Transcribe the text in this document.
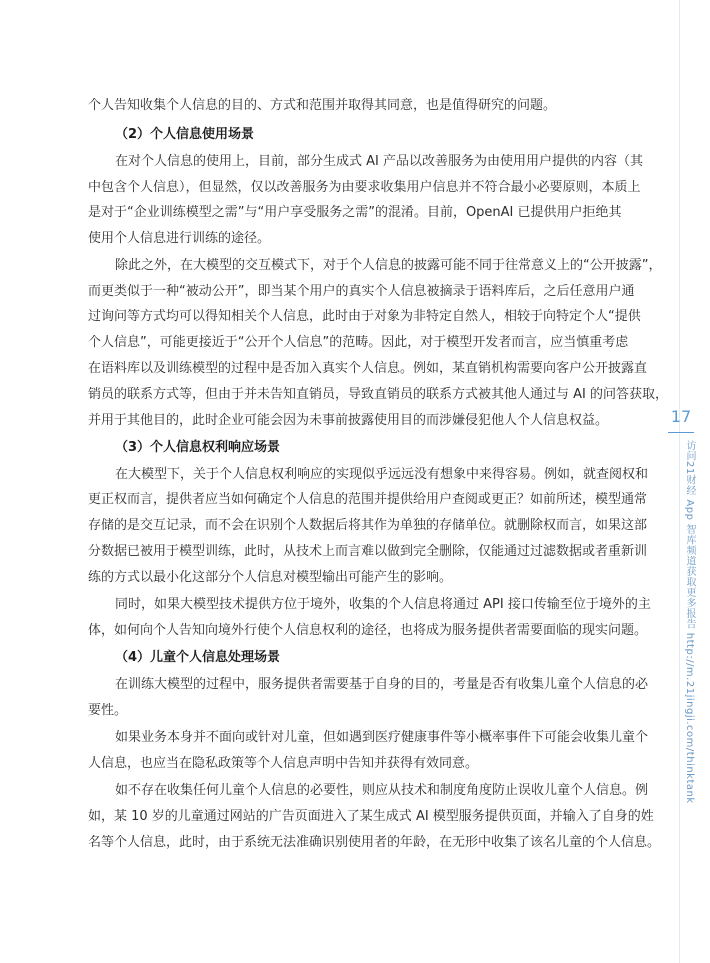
17
访问21财经 App 智库频道获取更多报告 http://m.21jingji.com/thinktank
个人告知收集个人信息的目的、方式和范围并取得其同意，也是值得研究的问题。
（2）个人信息使用场景
在对个人信息的使用上，目前，部分生成式 AI 产品以改善服务为由使用用户提供的内容（其
中包含个人信息），但显然，仅以改善服务为由要求收集用户信息并不符合最小必要原则，本质上
是对于“企业训练模型之需”与“用户享受服务之需”的混淆。目前，OpenAI 已提供用户拒绝其
使用个人信息进行训练的途径。
除此之外，在大模型的交互模式下，对于个人信息的披露可能不同于往常意义上的“公开披露”，
而更类似于一种“被动公开”，即当某个用户的真实个人信息被摘录于语料库后，之后任意用户通
过询问等方式均可以得知相关个人信息，此时由于对象为非特定自然人，相较于向特定个人“提供
个人信息”，可能更接近于“公开个人信息”的范畴。因此，对于模型开发者而言，应当慎重考虑
在语料库以及训练模型的过程中是否加入真实个人信息。例如，某直销机构需要向客户公开披露直
销员的联系方式等，但由于并未告知直销员，导致直销员的联系方式被其他人通过与 AI 的问答获取，
并用于其他目的，此时企业可能会因为未事前披露使用目的而涉嫌侵犯他人个人信息权益。
（3）个人信息权利响应场景
在大模型下，关于个人信息权利响应的实现似乎远远没有想象中来得容易。例如，就查阅权和
更正权而言，提供者应当如何确定个人信息的范围并提供给用户查阅或更正？如前所述，模型通常
存储的是交互记录，而不会在识别个人数据后将其作为单独的存储单位。就删除权而言，如果这部
分数据已被用于模型训练，此时，从技术上而言难以做到完全删除，仅能通过过滤数据或者重新训
练的方式以最小化这部分个人信息对模型输出可能产生的影响。
同时，如果大模型技术提供方位于境外，收集的个人信息将通过 API 接口传输至位于境外的主
体，如何向个人告知向境外行使个人信息权利的途径，也将成为服务提供者需要面临的现实问题。
（4）儿童个人信息处理场景
在训练大模型的过程中，服务提供者需要基于自身的目的，考量是否有收集儿童个人信息的必
要性。
如果业务本身并不面向或针对儿童，但如遇到医疗健康事件等小概率事件下可能会收集儿童个
人信息，也应当在隐私政策等个人信息声明中告知并获得有效同意。
如不存在收集任何儿童个人信息的必要性，则应从技术和制度角度防止误收儿童个人信息。例
如，某 10 岁的儿童通过网站的广告页面进入了某生成式 AI 模型服务提供页面，并输入了自身的姓
名等个人信息，此时，由于系统无法准确识别使用者的年龄，在无形中收集了该名儿童的个人信息。
